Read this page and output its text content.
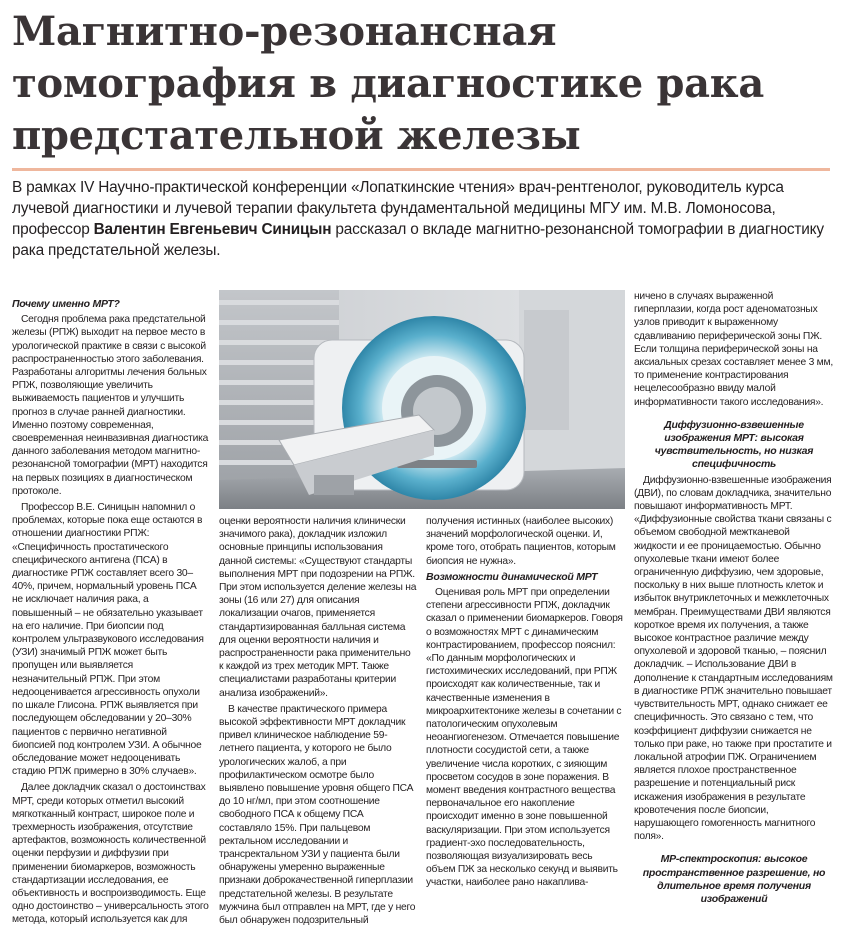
Магнитно-резонансная томография в диагностике рака предстательной железы

В рамках IV Научно-практической конференции «Лопаткинские чтения» врач-рентгенолог, руководитель курса лучевой диагностики и лучевой терапии факультета фундаментальной медицины МГУ им. М.В. Ломоносова, профессор Валентин Евгеньевич Синицын рассказал о вкладе магнитно-резонансной томографии в диагностику рака предстательной железы.

Почему именно МРТ?

Сегодня проблема рака предстательной железы (РПЖ) выходит на первое место в урологической практике в связи с высокой распространенностью этого заболевания. Разработаны алгоритмы лечения больных РПЖ, позволяющие увеличить выживаемость пациентов и улучшить прогноз в случае ранней диагностики. Именно поэтому современная, своевременная неинвазивная диагностика данного заболевания методом магнитно-резонансной томографии (МРТ) находится на первых позициях в диагностическом протоколе.

Профессор В.Е. Синицын напомнил о проблемах, которые пока еще остаются в отношении диагностики РПЖ: «Специфичность простатического специфического антигена (ПСА) в диагностике РПЖ составляет всего 30–40%, причем, нормальный уровень ПСА не исключает наличия рака, а повышенный – не обязательно указывает на его наличие. При биопсии под контролем ультразвукового исследования (УЗИ) значимый РПЖ может быть пропущен или выявляется незначительный РПЖ. При этом недооценивается агрессивность опухоли по шкале Глисона. РПЖ выявляется при последующем обследовании у 20–30% пациентов с первично негативной биопсией под контролем УЗИ. А обычное обследование может недооценивать стадию РПЖ примерно в 30% случаев».

Далее докладчик сказал о достоинствах МРТ, среди которых отметил высокий мягкотканный контраст, широкое поле и трехмерность изображения, отсутствие артефактов, возможность количественной оценки перфузии и диффузии при применении биомаркеров, возможность стандартизации исследования, ее объективность и воспроизводимость. Еще одно достоинство – универсальность этого метода, который используется как для

оценки вероятности наличия клинически значимого рака), докладчик изложил основные принципы использования данной системы: «Существуют стандарты выполнения МРТ при подозрении на РПЖ. При этом используется деление железы на зоны (16 или 27) для описания локализации очагов, применяется стандартизированная балльная система для оценки вероятности наличия и распространенности рака применительно к каждой из трех методик МРТ. Также специалистами разработаны критерии анализа изображений».

В качестве практического примера высокой эффективности МРТ докладчик привел клиническое наблюдение 59-летнего пациента, у которого не было урологических жалоб, а при профилактическом осмотре было выявлено повышение уровня общего ПСА до 10 нг/мл, при этом соотношение свободного ПСА к общему ПСА составляло 15%. При пальцевом ректальном исследовании и трансректальном УЗИ у пациента были обнаружены умеренно выраженные признаки доброкачественной гиперплазии предстательной железы. В результате мужчина был отправлен на МРТ, где у него был обнаружен подозрительный

получения истинных (наиболее высоких) значений морфологической оценки. И, кроме того, отобрать пациентов, которым биопсия не нужна».

Возможности динамической МРТ

Оценивая роль МРТ при определении степени агрессивности РПЖ, докладчик сказал о применении биомаркеров. Говоря о возможностях МРТ с динамическим контрастированием, профессор пояснил: «По данным морфологических и гистохимических исследований, при РПЖ происходят как количественные, так и качественные изменения в микроархитектонике железы в сочетании с патологическим опухолевым неоангиогенезом. Отмечается повышение плотности сосудистой сети, а также увеличение числа коротких, с зияющим просветом сосудов в зоне поражения. В момент введения контрастного вещества первоначальное его накопление происходит именно в зоне повышенной васкуляризации. При этом используется градиент-эхо последовательность, позволяющая визуализировать весь объем ПЖ за несколько секунд и выявить участки, наиболее рано накаплива-

ничено в случаях выраженной гиперплазии, когда рост аденоматозных узлов приводит к выраженному сдавливанию периферической зоны ПЖ. Если толщина периферической зоны на аксиальных срезах составляет менее 3 мм, то применение контрастирования нецелесообразно ввиду малой информативности такого исследования».

Диффузионно-взвешенные изображения МРТ: высокая чувствительность, но низкая специфичность

Диффузионно-взвешенные изображения (ДВИ), по словам докладчика, значительно повышают информативность МРТ. «Диффузионные свойства ткани связаны с объемом свободной межтканевой жидкости и ее проницаемостью. Обычно опухолевые ткани имеют более ограниченную диффузию, чем здоровые, поскольку в них выше плотность клеток и избыток внутриклеточных и межклеточных мембран. Преимуществами ДВИ являются короткое время их получения, а также высокое контрастное различие между опухолевой и здоровой тканью, – пояснил докладчик. – Использование ДВИ в дополнение к стандартным исследованиям в диагностике РПЖ значительно повышает чувствительность МРТ, однако снижает ее специфичность. Это связано с тем, что коэффициент диффузии снижается не только при раке, но также при простатите и локальной атрофии ПЖ. Ограничением является плохое пространственное разрешение и потенциальный риск искажения изображения в результате кровотечения после биопсии, нарушающего гомогенность магнитного поля».

МР-спектроскопия: высокое пространственное разрешение, но длительное время получения изображений
